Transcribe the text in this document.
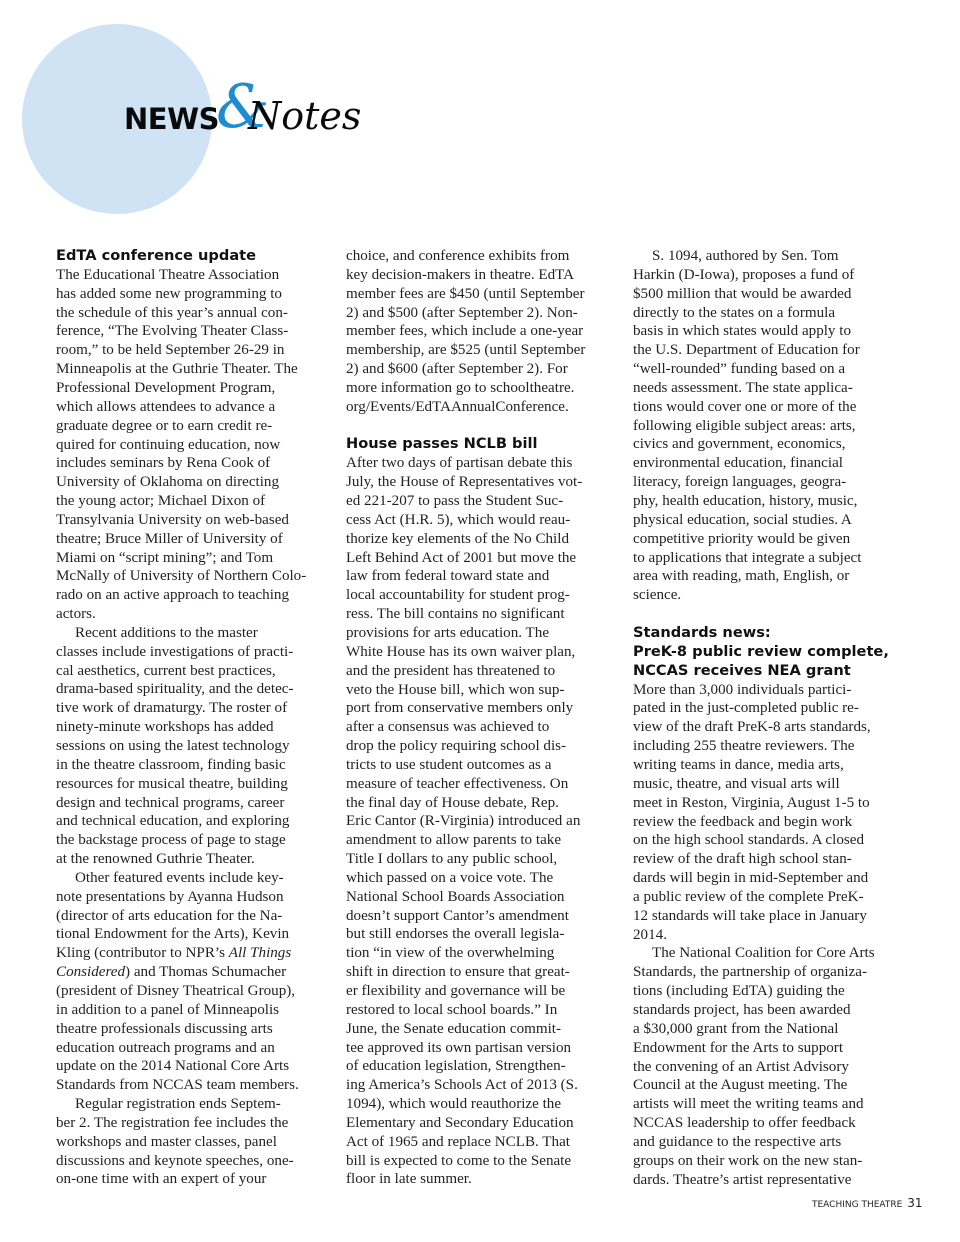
NEWS
&
Notes
EdTA conference update
The Educational Theatre Association
has added some new programming to
the schedule of this year’s annual con-
ference, “The Evolving Theater Class-
room,” to be held September 26-29 in
Minneapolis at the Guthrie Theater. The
Professional Development Program,
which allows attendees to advance a
graduate degree or to earn credit re-
quired for continuing education, now
includes seminars by Rena Cook of
University of Oklahoma on directing
the young actor; Michael Dixon of
Transylvania University on web-based
theatre; Bruce Miller of University of
Miami on “script mining”; and Tom
McNally of University of Northern Colo-
rado on an active approach to teaching
actors.
Recent additions to the master
classes include investigations of practi-
cal aesthetics, current best practices,
drama-based spirituality, and the detec-
tive work of dramaturgy. The roster of
ninety-minute workshops has added
sessions on using the latest technology
in the theatre classroom, finding basic
resources for musical theatre, building
design and technical programs, career
and technical education, and exploring
the backstage process of page to stage
at the renowned Guthrie Theater.
Other featured events include key-
note presentations by Ayanna Hudson
(director of arts education for the Na-
tional Endowment for the Arts), Kevin
Kling (contributor to NPR’s All Things
Considered) and Thomas Schumacher
(president of Disney Theatrical Group),
in addition to a panel of Minneapolis
theatre professionals discussing arts
education outreach programs and an
update on the 2014 National Core Arts
Standards from NCCAS team members.
Regular registration ends Septem-
ber 2. The registration fee includes the
workshops and master classes, panel
discussions and keynote speeches, one-
on-one time with an expert of your
choice, and conference exhibits from
key decision-makers in theatre. EdTA
member fees are $450 (until September
2) and $500 (after September 2). Non-
member fees, which include a one-year
membership, are $525 (until September
2) and $600 (after September 2). For
more information go to schooltheatre.
org/Events/EdTAAnnualConference.
House passes NCLB bill
After two days of partisan debate this
July, the House of Representatives vot-
ed 221-207 to pass the Student Suc-
cess Act (H.R. 5), which would reau-
thorize key elements of the No Child
Left Behind Act of 2001 but move the
law from federal toward state and
local accountability for student prog-
ress. The bill contains no significant
provisions for arts education. The
White House has its own waiver plan,
and the president has threatened to
veto the House bill, which won sup-
port from conservative members only
after a consensus was achieved to
drop the policy requiring school dis-
tricts to use student outcomes as a
measure of teacher effectiveness. On
the final day of House debate, Rep.
Eric Cantor (R-Virginia) introduced an
amendment to allow parents to take
Title I dollars to any public school,
which passed on a voice vote. The
National School Boards Association
doesn’t support Cantor’s amendment
but still endorses the overall legisla-
tion “in view of the overwhelming
shift in direction to ensure that great-
er flexibility and governance will be
restored to local school boards.” In
June, the Senate education commit-
tee approved its own partisan version
of education legislation, Strengthen-
ing America’s Schools Act of 2013 (S.
1094), which would reauthorize the
Elementary and Secondary Education
Act of 1965 and replace NCLB. That
bill is expected to come to the Senate
floor in late summer.
S. 1094, authored by Sen. Tom
Harkin (D-Iowa), proposes a fund of
$500 million that would be awarded
directly to the states on a formula
basis in which states would apply to
the U.S. Department of Education for
“well-rounded” funding based on a
needs assessment. The state applica-
tions would cover one or more of the
following eligible subject areas: arts,
civics and government, economics,
environmental education, financial
literacy, foreign languages, geogra-
phy, health education, history, music,
physical education, social studies. A
competitive priority would be given
to applications that integrate a subject
area with reading, math, English, or
science.
Standards news:
PreK-8 public review complete,
NCCAS receives NEA grant
More than 3,000 individuals partici-
pated in the just-completed public re-
view of the draft PreK-8 arts standards,
including 255 theatre reviewers. The
writing teams in dance, media arts,
music, theatre, and visual arts will
meet in Reston, Virginia, August 1-5 to
review the feedback and begin work
on the high school standards. A closed
review of the draft high school stan-
dards will begin in mid-September and
a public review of the complete PreK-
12 standards will take place in January
2014.
The National Coalition for Core Arts
Standards, the partnership of organiza-
tions (including EdTA) guiding the
standards project, has been awarded
a $30,000 grant from the National
Endowment for the Arts to support
the convening of an Artist Advisory
Council at the August meeting. The
artists will meet the writing teams and
NCCAS leadership to offer feedback
and guidance to the respective arts
groups on their work on the new stan-
dards. Theatre’s artist representative
TEACHING THEATRE 31
